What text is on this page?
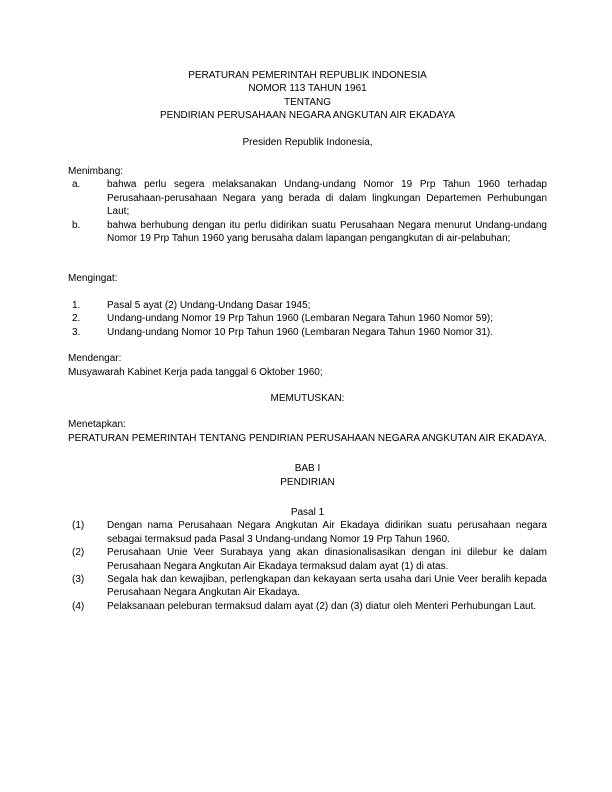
PERATURAN PEMERINTAH REPUBLIK INDONESIA
NOMOR 113 TAHUN 1961
TENTANG
PENDIRIAN PERUSAHAAN NEGARA ANGKUTAN AIR EKADAYA
Presiden Republik Indonesia,
Menimbang:
a.	bahwa perlu segera melaksanakan Undang-undang Nomor 19 Prp Tahun 1960 terhadap Perusahaan-perusahaan Negara yang berada di dalam lingkungan Departemen Perhubungan Laut;
b.	bahwa berhubung dengan itu perlu didirikan suatu Perusahaan Negara menurut Undang-undang Nomor 19 Prp Tahun 1960 yang berusaha dalam lapangan pengangkutan di air-pelabuhan;
Mengingat:
1.	Pasal 5 ayat (2) Undang-Undang Dasar 1945;
2.	Undang-undang Nomor 19 Prp Tahun 1960 (Lembaran Negara Tahun 1960 Nomor 59);
3.	Undang-undang Nomor 10 Prp Tahun 1960 (Lembaran Negara Tahun 1960 Nomor 31).
Mendengar:
Musyawarah Kabinet Kerja pada tanggal 6 Oktober 1960;
MEMUTUSKAN:
Menetapkan:
PERATURAN PEMERINTAH TENTANG PENDIRIAN PERUSAHAAN NEGARA ANGKUTAN AIR EKADAYA.
BAB I
PENDIRIAN
Pasal 1
(1) Dengan nama Perusahaan Negara Angkutan Air Ekadaya didirikan suatu perusahaan negara sebagai termaksud pada Pasal 3 Undang-undang Nomor 19 Prp Tahun 1960.
(2) Perusahaan Unie Veer Surabaya yang akan dinasionalisasikan dengan ini dilebur ke dalam Perusahaan Negara Angkutan Air Ekadaya termaksud dalam ayat (1) di atas.
(3) Segala hak dan kewajiban, perlengkapan dan kekayaan serta usaha dari Unie Veer beralih kepada Perusahaan Negara Angkutan Air Ekadaya.
(4) Pelaksanaan peleburan termaksud dalam ayat (2) dan (3) diatur oleh Menteri Perhubungan Laut.
